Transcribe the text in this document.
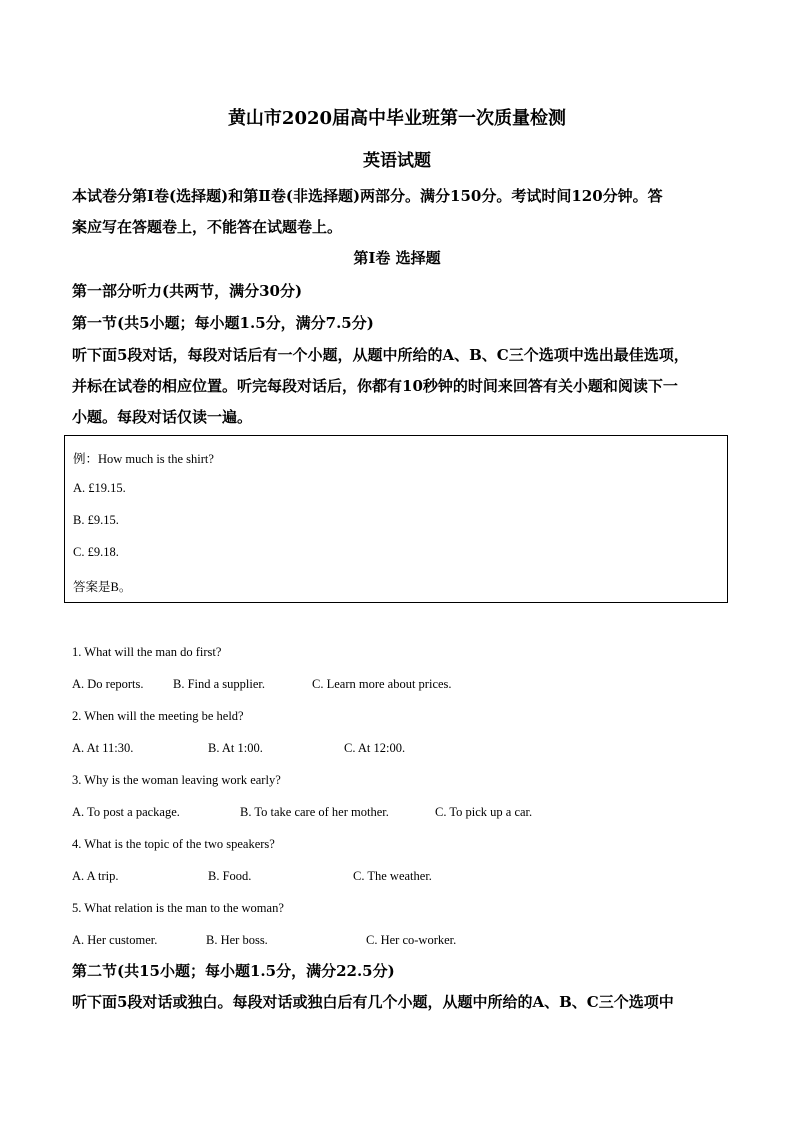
黄山市2020届高中毕业班第一次质量检测
英语试题
本试卷分第Ⅰ卷(选择题)和第Ⅱ卷(非选择题)两部分。满分150分。考试时间120分钟。答
案应写在答题卷上，不能答在试题卷上。
第Ⅰ卷 选择题
第一部分听力(共两节，满分30分)
第一节(共5小题；每小题1.5分，满分7.5分)
听下面5段对话，每段对话后有一个小题，从题中所给的A、B、C三个选项中选出最佳选项，
并标在试卷的相应位置。听完每段对话后，你都有10秒钟的时间来回答有关小题和阅读下一
小题。每段对话仅读一遍。
例：How much is the shirt?
A. £19.15.
B. £9.15.
C. £9.18.
答案是B。
1. What will the man do first?
A. Do reports. B. Find a supplier.	C. Learn more about prices.
2. When will the meeting be held?
A. At 11:30.	B. At 1:00.	C. At 12:00.
3. Why is the woman leaving work early?
A. To post a package.	B. To take care of her mother.	C. To pick up a car.
4. What is the topic of the two speakers?
A. A trip.	B. Food.	C. The weather.
5. What relation is the man to the woman?
A. Her customer.	B. Her boss.	C. Her co-worker.
第二节(共15小题；每小题1.5分，满分22.5分)
听下面5段对话或独白。每段对话或独白后有几个小题，从题中所给的A、B、C三个选项中
